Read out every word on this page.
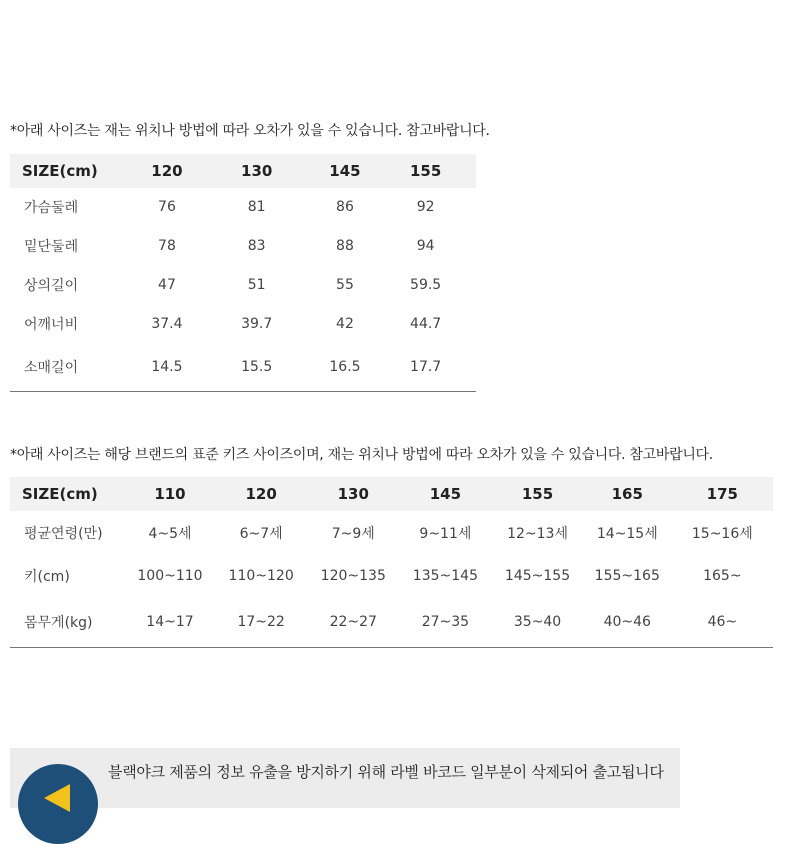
*아래 사이즈는 재는 위치나 방법에 따라 오차가 있을 수 있습니다. 참고바랍니다.
SIZE(cm)	120	130	145	155
가슴둘레	76	81	86	92
밑단둘레	78	83	88	94
상의길이	47	51	55	59.5
어깨너비	37.4	39.7	42	44.7
소매길이	14.5	15.5	16.5	17.7
*아래 사이즈는 해당 브랜드의 표준 키즈 사이즈이며, 재는 위치나 방법에 따라 오차가 있을 수 있습니다. 참고바랍니다.
SIZE(cm)	110	120	130	145	155	165	175
평균연령(만)	4~5세	6~7세	7~9세	9~11세	12~13세	14~15세	15~16세
키(cm)	100~110	110~120	120~135	135~145	145~155	155~165	165~
몸무게(kg)	14~17	17~22	22~27	27~35	35~40	40~46	46~
블랙야크 제품의 정보 유출을 방지하기 위해 라벨 바코드 일부분이 삭제되어 출고됩니다
